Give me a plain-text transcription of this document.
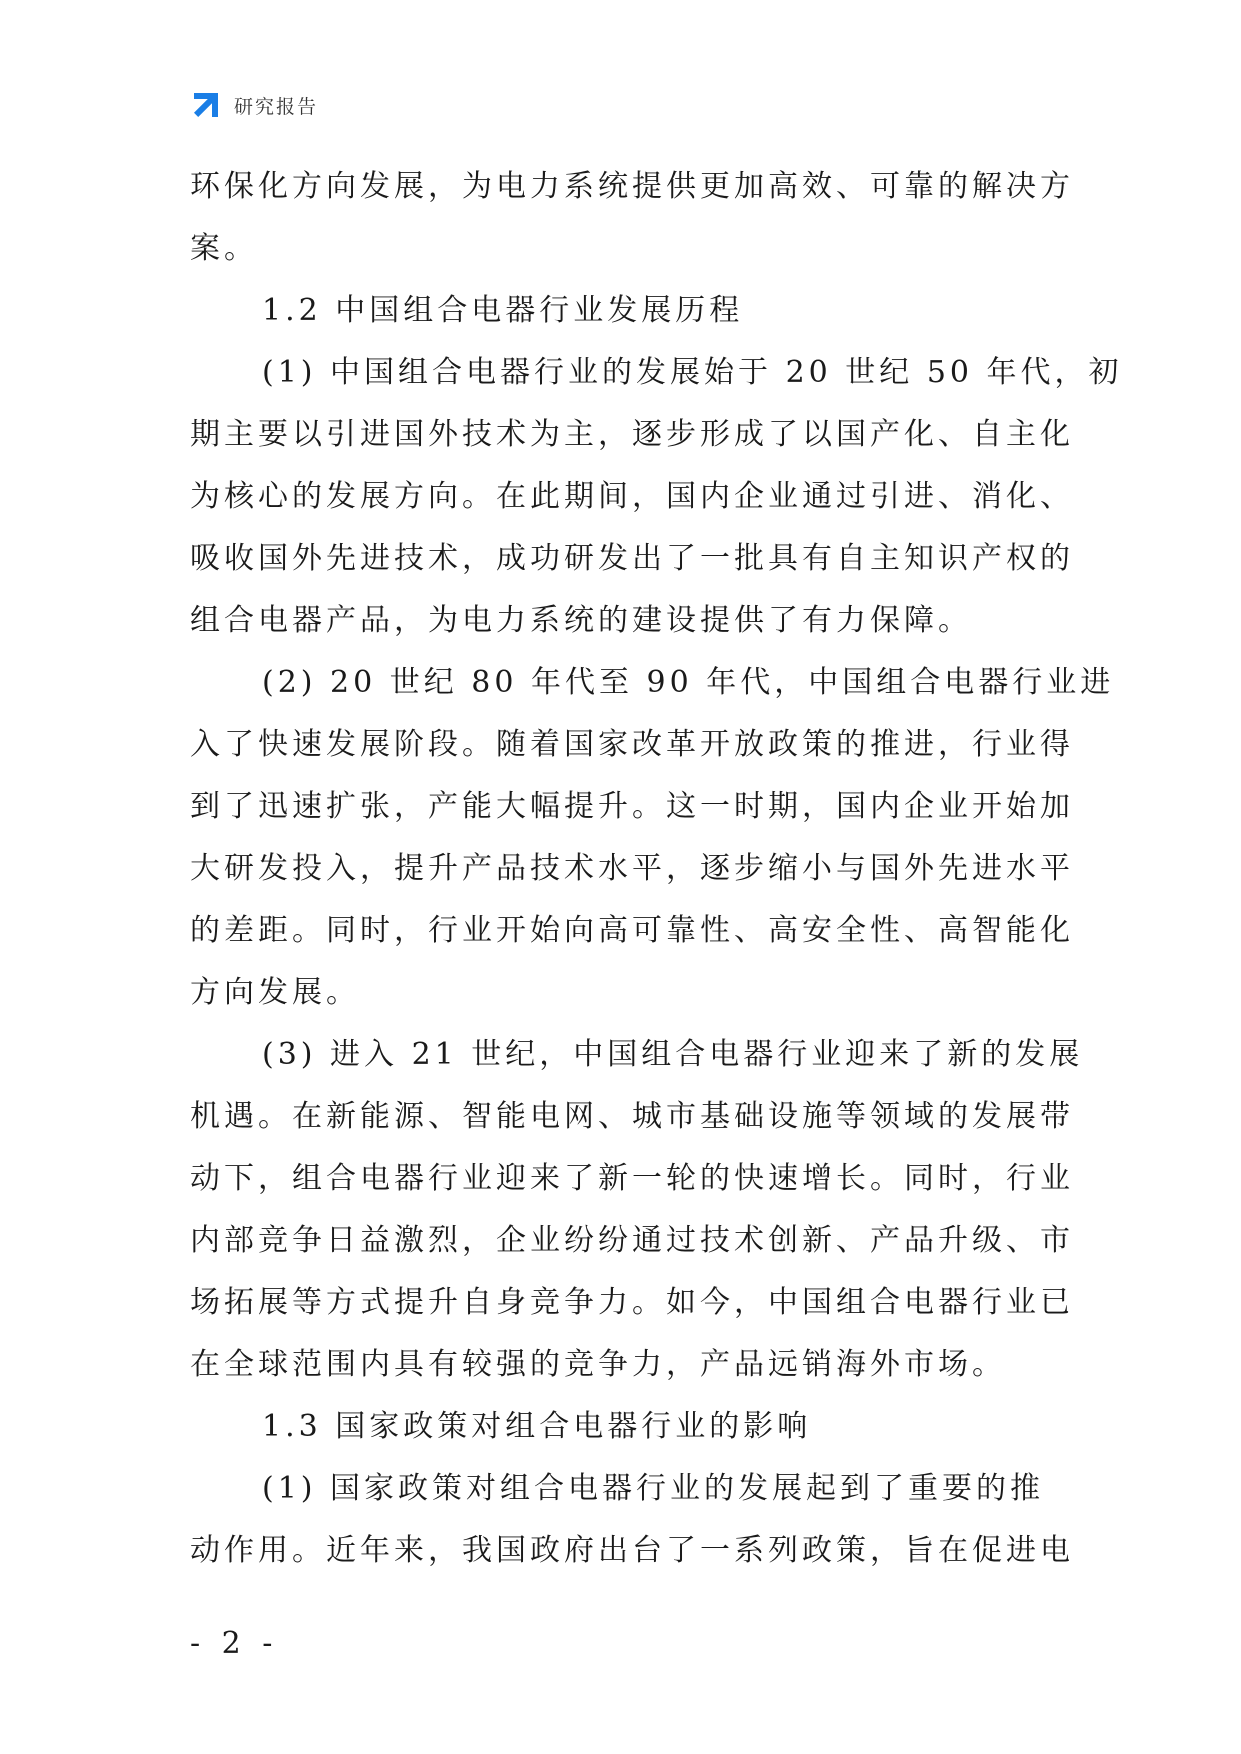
研究报告
环保化方向发展，为电力系统提供更加高效、可靠的解决方
案。
1.2 中国组合电器行业发展历程
(1) 中国组合电器行业的发展始于 20 世纪 50 年代，初
期主要以引进国外技术为主，逐步形成了以国产化、自主化
为核心的发展方向。在此期间，国内企业通过引进、消化、
吸收国外先进技术，成功研发出了一批具有自主知识产权的
组合电器产品，为电力系统的建设提供了有力保障。
(2) 20 世纪 80 年代至 90 年代，中国组合电器行业进
入了快速发展阶段。随着国家改革开放政策的推进，行业得
到了迅速扩张，产能大幅提升。这一时期，国内企业开始加
大研发投入，提升产品技术水平，逐步缩小与国外先进水平
的差距。同时，行业开始向高可靠性、高安全性、高智能化
方向发展。
(3) 进入 21 世纪，中国组合电器行业迎来了新的发展
机遇。在新能源、智能电网、城市基础设施等领域的发展带
动下，组合电器行业迎来了新一轮的快速增长。同时，行业
内部竞争日益激烈，企业纷纷通过技术创新、产品升级、市
场拓展等方式提升自身竞争力。如今，中国组合电器行业已
在全球范围内具有较强的竞争力，产品远销海外市场。
1.3 国家政策对组合电器行业的影响
(1) 国家政策对组合电器行业的发展起到了重要的推
动作用。近年来，我国政府出台了一系列政策，旨在促进电
- 2 -
